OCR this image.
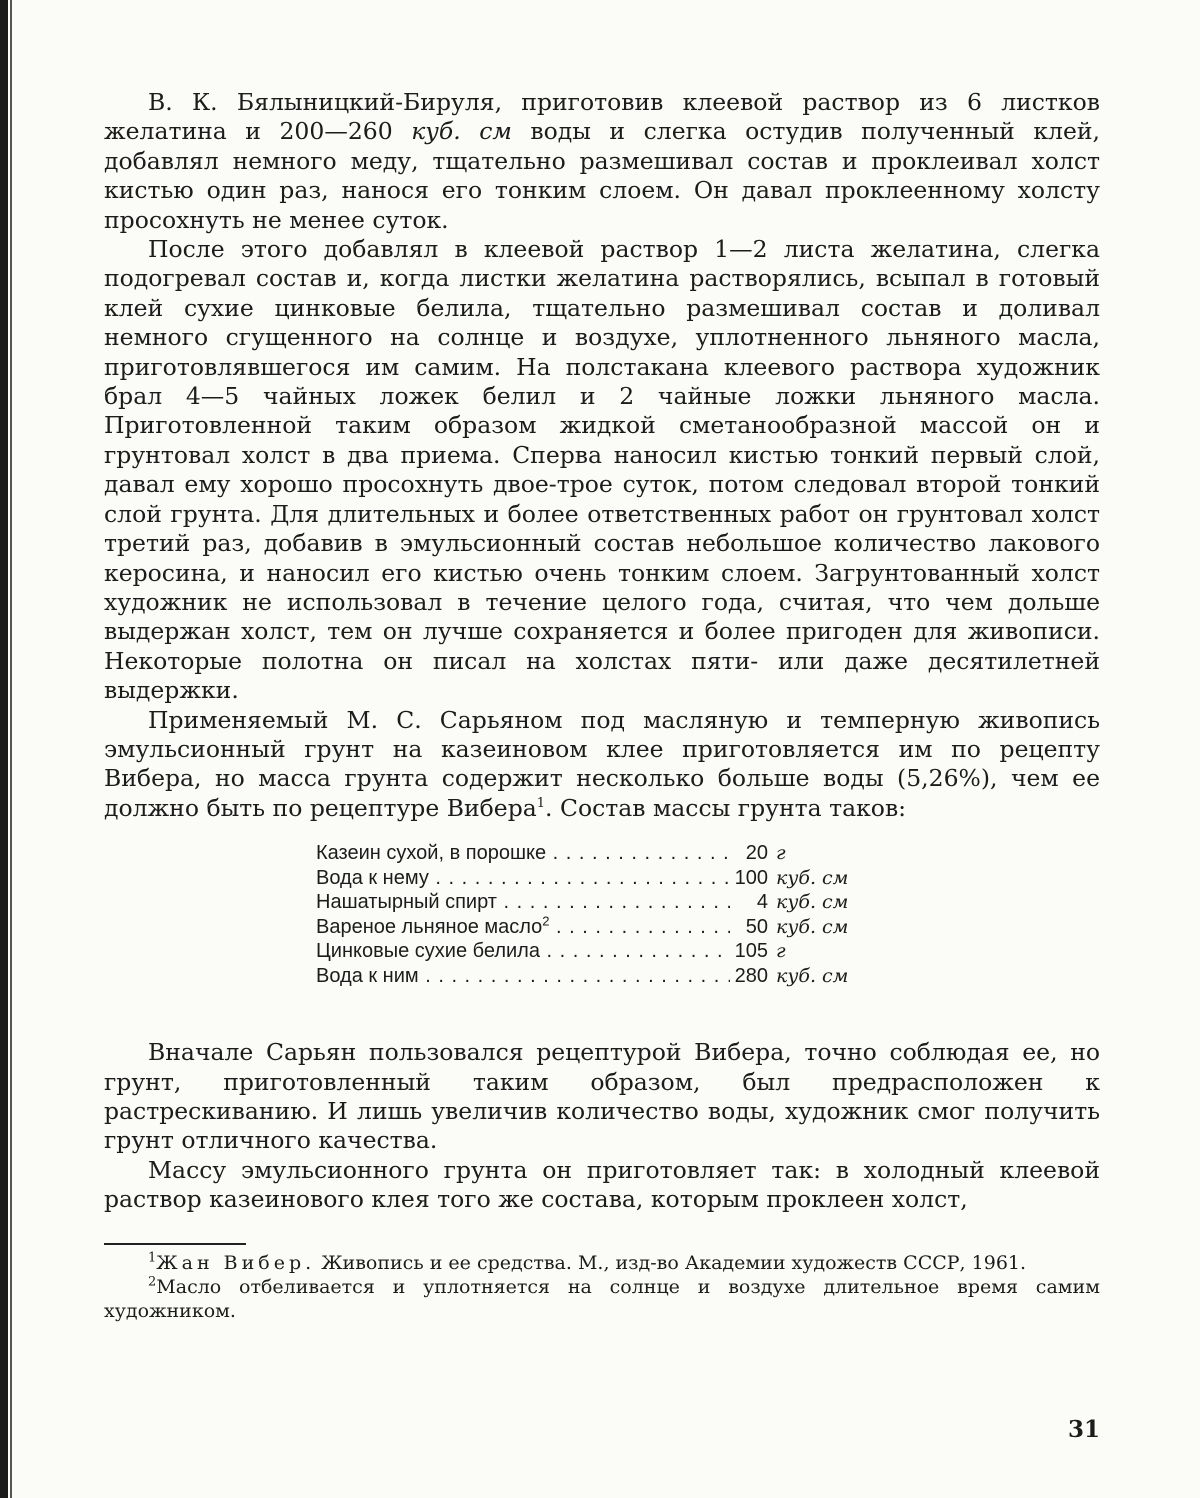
В. К. Бялыницкий-Бируля, приготовив клеевой раствор из 6 листков желатина и 200—260 куб. см воды и слегка остудив полученный клей, добавлял немного меду, тщательно размешивал состав и проклеивал холст кистью один раз, нанося его тонким слоем. Он давал проклеенному холсту просохнуть не менее суток.

После этого добавлял в клеевой раствор 1—2 листа желатина, слегка подогревал состав и, когда листки желатина растворялись, всыпал в готовый клей сухие цинковые белила, тщательно размешивал состав и доливал немного сгущенного на солнце и воздухе, уплотненного льняного масла, приготовлявшегося им самим. На полстакана клеевого раствора художник брал 4—5 чайных ложек белил и 2 чайные ложки льняного масла. Приготовленной таким образом жидкой сметанообразной массой он и грунтовал холст в два приема. Сперва наносил кистью тонкий первый слой, давал ему хорошо просохнуть двое-трое суток, потом следовал второй тонкий слой грунта. Для длительных и более ответственных работ он грунтовал холст третий раз, добавив в эмульсионный состав небольшое количество лакового керосина, и наносил его кистью очень тонким слоем. Загрунтованный холст художник не использовал в течение целого года, считая, что чем дольше выдержан холст, тем он лучше сохраняется и более пригоден для живописи. Некоторые полотна он писал на холстах пяти- или даже десятилетней выдержки.

Применяемый М. С. Сарьяном под масляную и темперную живопись эмульсионный грунт на казеиновом клее приготовляется им по рецепту Вибера, но масса грунта содержит несколько больше воды (5,26%), чем ее должно быть по рецептуре Вибера$^1$. Состав массы грунта таков:

Казеин сухой, в порошке . . .	20 г
Вода к нему . . .	100 куб. см
Нашатырный спирт . . .	4 куб. см
Вареное льняное масло$^2$ . . .	50 куб. см
Цинковые сухие белила . . .	105 г
Вода к ним . . .	280 куб. см

Вначале Сарьян пользовался рецептурой Вибера, точно соблюдая ее, но грунт, приготовленный таким образом, был предрасположен к растрескиванию. И лишь увеличив количество воды, художник смог получить грунт отличного качества.

Массу эмульсионного грунта он приготовляет так: в холодный клеевой раствор казеинового клея того же состава, которым проклеен холст,

$^1$Жан Вибер. Живопись и ее средства. М., изд-во Академии художеств СССР, 1961.

$^2$Масло отбеливается и уплотняется на солнце и воздухе длительное время самим художником.

31
